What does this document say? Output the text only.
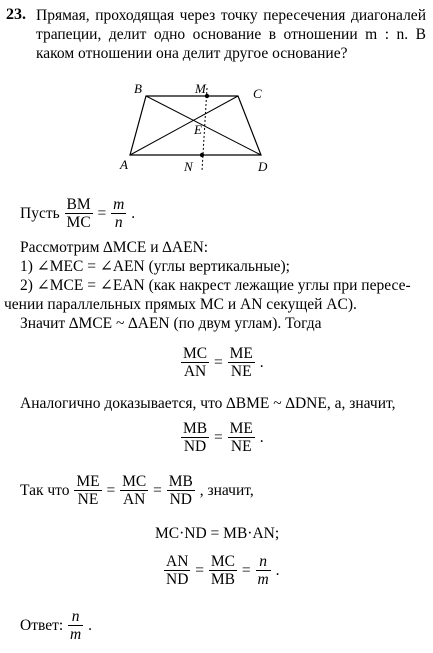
23. Прямая, проходящая через точку пересечения диагоналей трапеции, делит одно основание в отношении m : n. В каком отношении она делит другое основание?
B	M	C
E
A	N	D
Пусть $\frac{BM}{MC} = \frac{m}{n}$ .
Рассмотрим ∆MCE и ∆AEN:
1) ∠MEC = ∠AEN (углы вертикальные);
2) ∠MCE = ∠EAN (как накрест лежащие углы при пересе-
чении параллельных прямых MC и AN секущей AC).
Значит ∆MCE ~ ∆AEN (по двум углам). Тогда
$\frac{MC}{AN} = \frac{ME}{NE}$ .
Аналогично доказывается, что ∆BME ~ ∆DNE, а, значит,
$\frac{MB}{ND} = \frac{ME}{NE}$ .
Так что $\frac{ME}{NE} = \frac{MC}{AN} = \frac{MB}{ND}$ , значит,
MC·ND = MB·AN;
$\frac{AN}{ND} = \frac{MC}{MB} = \frac{n}{m}$ .
Ответ: $\frac{n}{m}$ .
